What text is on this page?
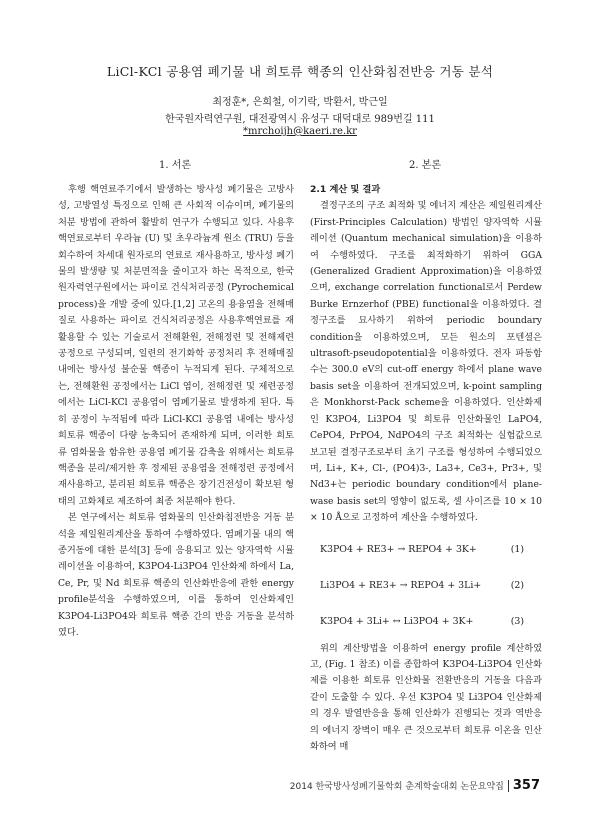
LiCl-KCl 공용염 폐기물 내 희토류 핵종의 인산화침전반응 거동 분석
최정훈*, 은희철, 이기락, 박환서, 박근일
한국원자력연구원, 대전광역시 유성구 대덕대로 989번길 111
*mrchoijh@kaeri.re.kr
1. 서론	2. 본론

후행 핵연료주기에서 발생하는 방사성 폐기물은 고방사성, 고방열성 특징으로 인해 큰 사회적 이슈이며, 폐기물의 처분 방법에 관하여 활발히 연구가 수행되고 있다. 사용후핵연료로부터 우라늄 (U) 및 초우라늄계 원소 (TRU) 등을 회수하여 차세대 원자로의 연료로 재사용하고, 방사성 폐기물의 발생량 및 처분면적을 줄이고자 하는 목적으로, 한국원자력연구원에서는 파이로 건식처리공정 (Pyrochemical process)을 개발 중에 있다.[1,2] 고온의 용융염을 전해매질로 사용하는 파이로 건식처리공정은 사용후핵연료를 재활용할 수 있는 기술로서 전해환원, 전해정련 및 전해제련 공정으로 구성되며, 일련의 전기화학 공정처리 후 전해매질 내에는 방사성 불순물 핵종이 누적되게 된다. 구체적으로는, 전해환원 공정에서는 LiCl 염이, 전해정련 및 제련공정에서는 LiCl-KCl 공용염이 염폐기물로 발생하게 된다. 특히 공정이 누적됨에 따라 LiCl-KCl 공용염 내에는 방사성 희토류 핵종이 다량 농축되어 존재하게 되며, 이러한 희토류 염화물을 함유한 공용염 폐기물 감축을 위해서는 희토류 핵종을 분리/제거한 후 정제된 공용염을 전해정련 공정에서 재사용하고, 분리된 희토류 핵종은 장기건전성이 확보된 형태의 고화체로 제조하여 최종 처분해야 한다.

본 연구에서는 희토류 염화물의 인산화침전반응 거동 분석을 제일원리계산을 통하여 수행하였다. 염폐기물 내의 핵종거동에 대한 분석[3] 등에 응용되고 있는 양자역학 시뮬레이션을 이용하여, K3PO4-Li3PO4 인산화제 하에서 La, Ce, Pr, 및 Nd 희토류 핵종의 인산화반응에 관한 energy profile분석을 수행하였으며, 이를 통하여 인산화제인 K3PO4-Li3PO4와 희토류 핵종 간의 반응 거동을 분석하였다.

2.1 계산 및 결과

결정구조의 구조 최적화 및 에너지 계산은 제일원리계산 (First-Principles Calculation) 방법인 양자역학 시뮬레이션 (Quantum mechanical simulation)을 이용하여 수행하였다. 구조를 최적화하기 위하여 GGA (Generalized Gradient Approximation)을 이용하였으며, exchange correlation functional로서 Perdew Burke Ernzerhof (PBE) functional을 이용하였다. 결정구조를 묘사하기 위하여 periodic boundary condition을 이용하였으며, 모든 원소의 포텐셜은 ultrasoft-pseudopotential을 이용하였다. 전자 파동함수는 300.0 eV의 cut-off energy 하에서 plane wave basis set을 이용하여 전개되었으며, k-point sampling은 Monkhorst-Pack scheme을 이용하였다. 인산화제인 K3PO4, Li3PO4 및 희토류 인산화물인 LaPO4, CePO4, PrPO4, NdPO4의 구조 최적화는 실험값으로 보고된 결정구조로부터 초기 구조를 형성하여 수행되었으며, Li+, K+, Cl-, (PO4)3-, La3+, Ce3+, Pr3+, 및 Nd3+는 periodic boundary condition에서 plane-wase basis set의 영향이 없도록, 셀 사이즈를 10 × 10 × 10 Å으로 고정하여 계산을 수행하였다.

K3PO4 + RE3+ → REPO4 + 3K+	(1)
Li3PO4 + RE3+ → REPO4 + 3Li+	(2)
K3PO4 + 3Li+ ↔ Li3PO4 + 3K+	(3)

위의 계산방법을 이용하여 energy profile 계산하였고, (Fig. 1 참조) 이를 종합하여 K3PO4-Li3PO4 인산화제를 이용한 희토류 인산화물 전환반응의 거동을 다음과 같이 도출할 수 있다. 우선 K3PO4 및 Li3PO4 인산화제의 경우 발열반응을 통해 인산화가 진행되는 것과 역반응의 에너지 장벽이 매우 큰 것으로부터 희토류 이온을 인산화하여 매

2014 한국방사성폐기물학회 춘계학술대회 논문요약집 357
